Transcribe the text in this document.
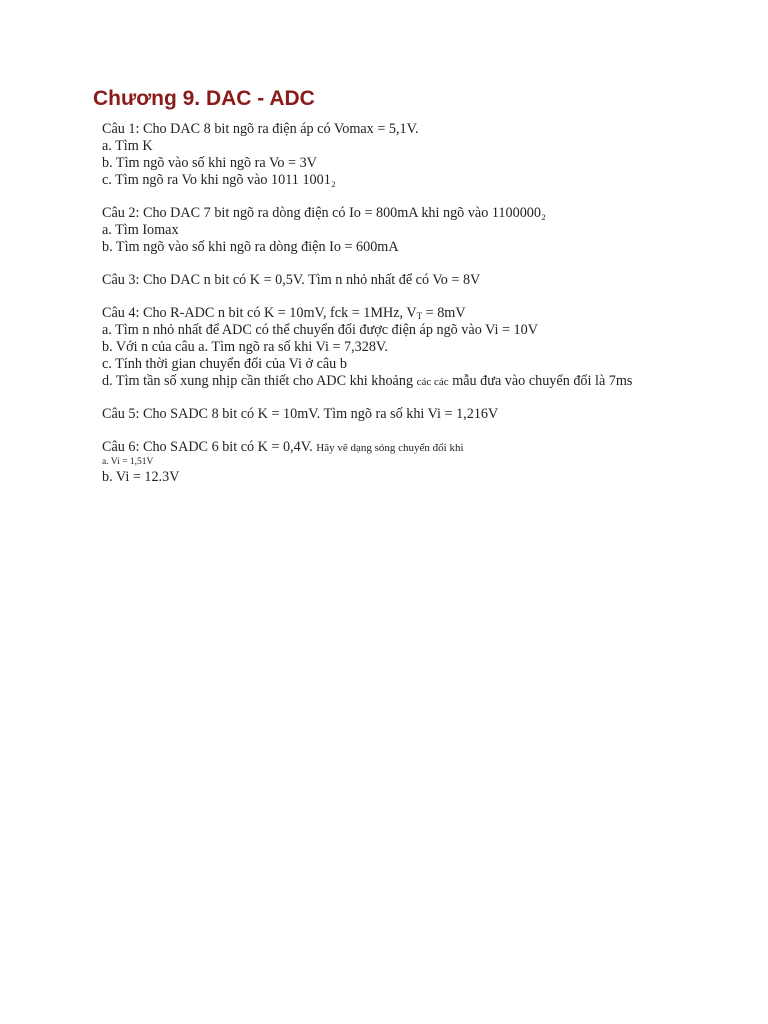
Chương 9. DAC - ADC
Câu 1: Cho DAC 8 bit ngõ ra điện áp có Vomax = 5,1V.
a. Tìm K
b. Tìm ngõ vào số khi ngõ ra Vo = 3V
c. Tìm ngõ ra Vo khi ngõ vào 1011 1001₂
Câu 2: Cho DAC 7 bit ngõ ra dòng điện có Io = 800mA khi ngõ vào 1100000₂
a. Tìm Iomax
b. Tìm ngõ vào số khi ngõ ra dòng điện Io = 600mA
Câu 3: Cho DAC n bit có K = 0,5V. Tìm n nhỏ nhất để có Vo = 8V
Câu 4: Cho R-ADC n bit có K = 10mV, fck = 1MHz, VT = 8mV
a. Tìm n nhỏ nhất để ADC có thể chuyển đổi được điện áp ngõ vào Vi = 10V
b. Với n của câu a. Tìm ngõ ra số khi Vi = 7,328V.
c. Tính thời gian chuyển đổi của Vi ở câu b
d. Tìm tần số xung nhịp cần thiết cho ADC khi khoảng các các mẫu đưa vào chuyển đổi là 7ms
Câu 5: Cho SADC 8 bit có K = 10mV. Tìm ngõ ra số khi Vi = 1,216V
Câu 6: Cho SADC 6 bit có K = 0,4V. Hãy vẽ dạng sóng chuyển đổi khi
a. Vi = 1,51V
b. Vi = 12.3V
